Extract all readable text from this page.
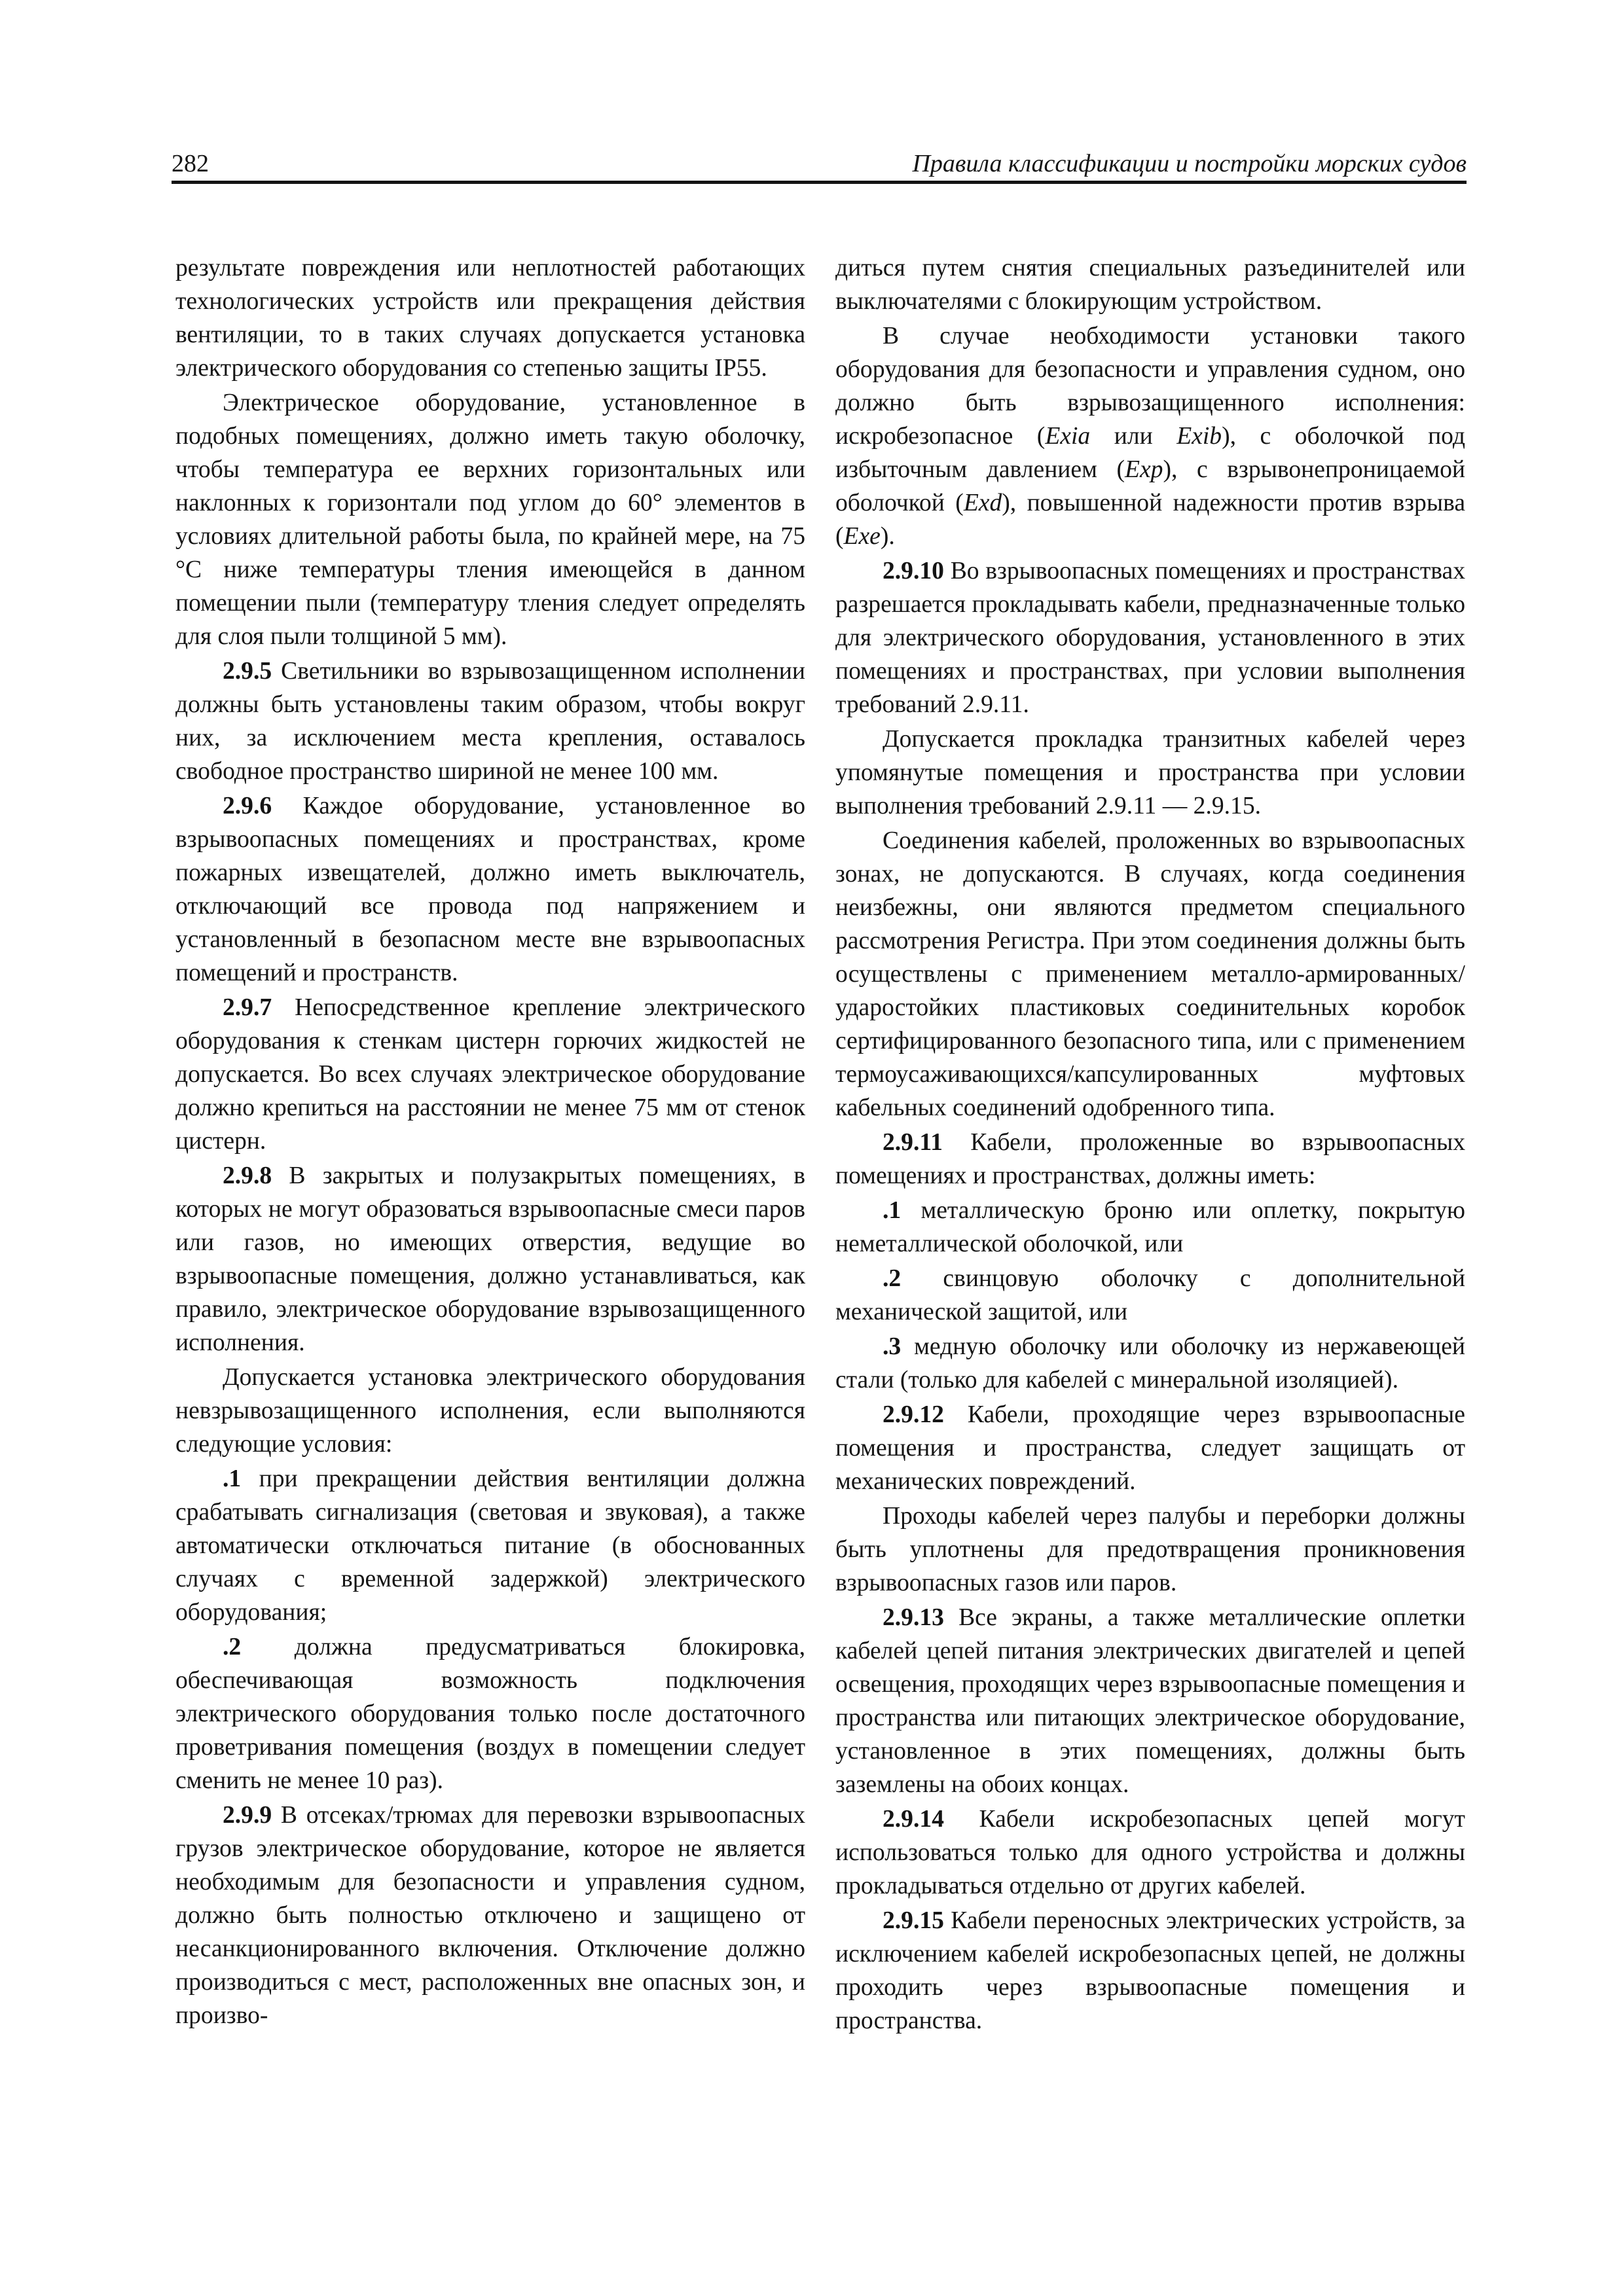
282	Правила классификации и постройки морских судов

результате повреждения или неплотностей работающих технологических устройств или прекращения действия вентиляции, то в таких случаях допускается установка электрического оборудования со степенью защиты IP55.

Электрическое оборудование, установленное в подобных помещениях, должно иметь такую оболочку, чтобы температура ее верхних горизонтальных или наклонных к горизонтали под углом до 60° элементов в условиях длительной работы была, по крайней мере, на 75 °C ниже температуры тления имеющейся в данном помещении пыли (температуру тления следует определять для слоя пыли толщиной 5 мм).

2.9.5 Светильники во взрывозащищенном исполнении должны быть установлены таким образом, чтобы вокруг них, за исключением места крепления, оставалось свободное пространство шириной не менее 100 мм.

2.9.6 Каждое оборудование, установленное во взрывоопасных помещениях и пространствах, кроме пожарных извещателей, должно иметь выключатель, отключающий все провода под напряжением и установленный в безопасном месте вне взрывоопасных помещений и пространств.

2.9.7 Непосредственное крепление электрического оборудования к стенкам цистерн горючих жидкостей не допускается. Во всех случаях электрическое оборудование должно крепиться на расстоянии не менее 75 мм от стенок цистерн.

2.9.8 В закрытых и полузакрытых помещениях, в которых не могут образоваться взрывоопасные смеси паров или газов, но имеющих отверстия, ведущие во взрывоопасные помещения, должно устанавливаться, как правило, электрическое оборудование взрывозащищенного исполнения.

Допускается установка электрического оборудования невзрывозащищенного исполнения, если выполняются следующие условия:

.1 при прекращении действия вентиляции должна срабатывать сигнализация (световая и звуковая), а также автоматически отключаться питание (в обоснованных случаях с временной задержкой) электрического оборудования;

.2 должна предусматриваться блокировка, обеспечивающая возможность подключения электрического оборудования только после достаточного проветривания помещения (воздух в помещении следует сменить не менее 10 раз).

2.9.9 В отсеках/трюмах для перевозки взрывоопасных грузов электрическое оборудование, которое не является необходимым для безопасности и управления судном, должно быть полностью отключено и защищено от несанкционированного включения. Отключение должно производиться с мест, расположенных вне опасных зон, и произво-

диться путем снятия специальных разъединителей или выключателями с блокирующим устройством.

В случае необходимости установки такого оборудования для безопасности и управления судном, оно должно быть взрывозащищенного исполнения: искробезопасное (Exia или Exib), с оболочкой под избыточным давлением (Exp), с взрывонепроницаемой оболочкой (Exd), повышенной надежности против взрыва (Exe).

2.9.10 Во взрывоопасных помещениях и пространствах разрешается прокладывать кабели, предназначенные только для электрического оборудования, установленного в этих помещениях и пространствах, при условии выполнения требований 2.9.11.

Допускается прокладка транзитных кабелей через упомянутые помещения и пространства при условии выполнения требований 2.9.11 — 2.9.15.

Соединения кабелей, проложенных во взрывоопасных зонах, не допускаются. В случаях, когда соединения неизбежны, они являются предметом специального рассмотрения Регистра. При этом соединения должны быть осуществлены с применением металло-армированных/ударостойких пластиковых соединительных коробок сертифицированного безопасного типа, или с применением термоусаживающихся/капсулированных муфтовых кабельных соединений одобренного типа.

2.9.11 Кабели, проложенные во взрывоопасных помещениях и пространствах, должны иметь:

.1 металлическую броню или оплетку, покрытую неметаллической оболочкой, или

.2 свинцовую оболочку с дополнительной механической защитой, или

.3 медную оболочку или оболочку из нержавеющей стали (только для кабелей с минеральной изоляцией).

2.9.12 Кабели, проходящие через взрывоопасные помещения и пространства, следует защищать от механических повреждений.

Проходы кабелей через палубы и переборки должны быть уплотнены для предотвращения проникновения взрывоопасных газов или паров.

2.9.13 Все экраны, а также металлические оплетки кабелей цепей питания электрических двигателей и цепей освещения, проходящих через взрывоопасные помещения и пространства или питающих электрическое оборудование, установленное в этих помещениях, должны быть заземлены на обоих концах.

2.9.14 Кабели искробезопасных цепей могут использоваться только для одного устройства и должны прокладываться отдельно от других кабелей.

2.9.15 Кабели переносных электрических устройств, за исключением кабелей искробезопасных цепей, не должны проходить через взрывоопасные помещения и пространства.
